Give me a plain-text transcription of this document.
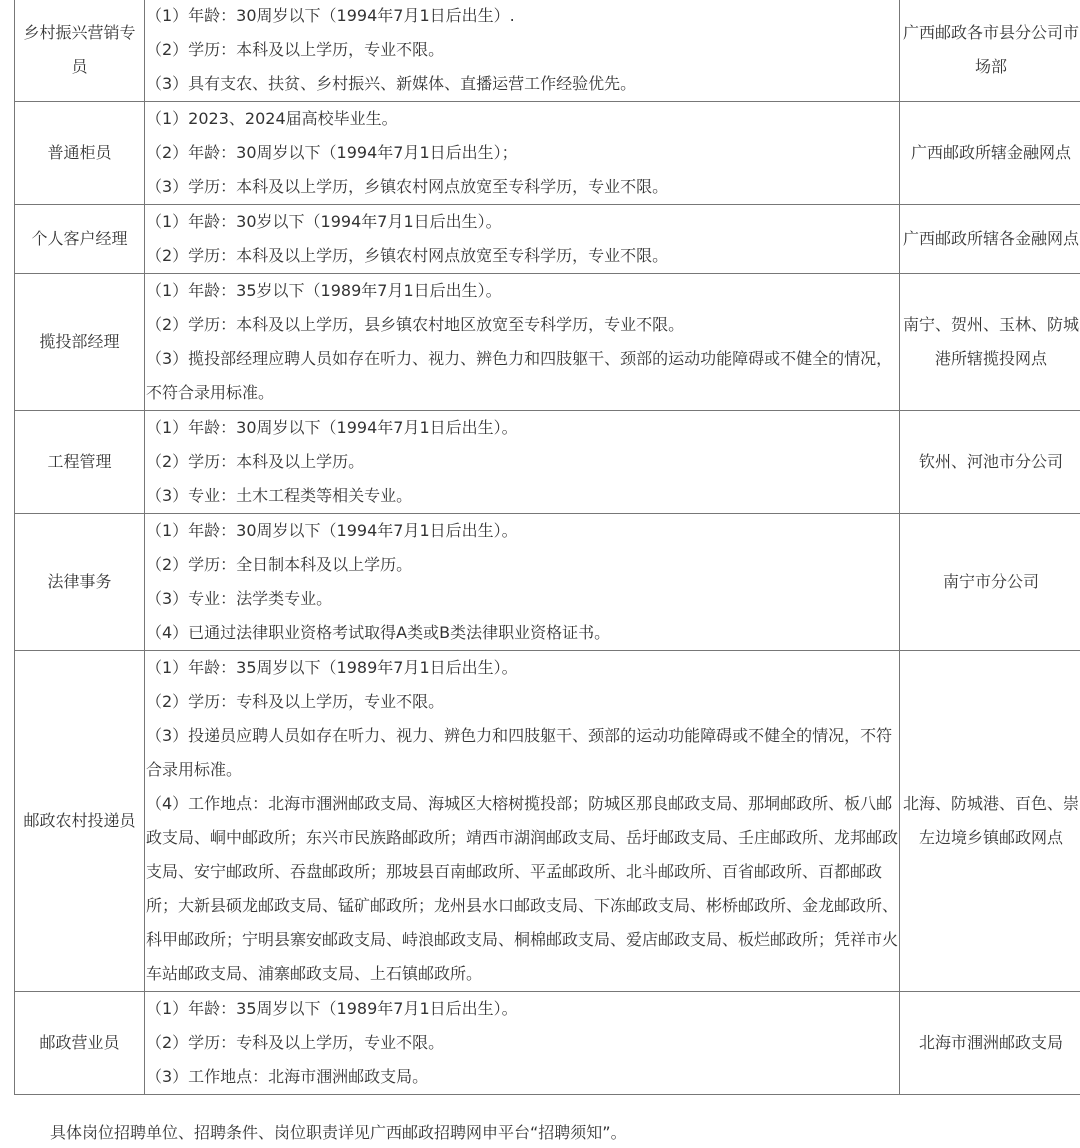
乡村振兴营销专员	（1）年龄：30周岁以下（1994年7月1日后出生）.
（2）学历：本科及以上学历，专业不限。
（3）具有支农、扶贫、乡村振兴、新媒体、直播运营工作经验优先。	广西邮政各市县分公司市场部
普通柜员	（1）2023、2024届高校毕业生。
（2）年龄：30周岁以下（1994年7月1日后出生）；
（3）学历：本科及以上学历，乡镇农村网点放宽至专科学历，专业不限。	广西邮政所辖金融网点
个人客户经理	（1）年龄：30岁以下（1994年7月1日后出生）。
（2）学历：本科及以上学历，乡镇农村网点放宽至专科学历，专业不限。	广西邮政所辖各金融网点
揽投部经理	（1）年龄：35岁以下（1989年7月1日后出生）。
（2）学历：本科及以上学历，县乡镇农村地区放宽至专科学历，专业不限。
（3）揽投部经理应聘人员如存在听力、视力、辨色力和四肢躯干、颈部的运动功能障碍或不健全的情况，不符合录用标准。	南宁、贺州、玉林、防城港所辖揽投网点
工程管理	（1）年龄：30周岁以下（1994年7月1日后出生）。
（2）学历：本科及以上学历。
（3）专业：土木工程类等相关专业。	钦州、河池市分公司
法律事务	（1）年龄：30周岁以下（1994年7月1日后出生）。
（2）学历：全日制本科及以上学历。
（3）专业：法学类专业。
（4）已通过法律职业资格考试取得A类或B类法律职业资格证书。	南宁市分公司
邮政农村投递员	（1）年龄：35周岁以下（1989年7月1日后出生）。
（2）学历：专科及以上学历，专业不限。
（3）投递员应聘人员如存在听力、视力、辨色力和四肢躯干、颈部的运动功能障碍或不健全的情况，不符合录用标准。
（4）工作地点：北海市涠洲邮政支局、海城区大榕树揽投部；防城区那良邮政支局、那垌邮政所、板八邮政支局、峒中邮政所；东兴市民族路邮政所；靖西市湖润邮政支局、岳圩邮政支局、壬庄邮政所、龙邦邮政支局、安宁邮政所、吞盘邮政所；那坡县百南邮政所、平孟邮政所、北斗邮政所、百省邮政所、百都邮政所；大新县硕龙邮政支局、锰矿邮政所；龙州县水口邮政支局、下冻邮政支局、彬桥邮政所、金龙邮政所、科甲邮政所；宁明县寨安邮政支局、峙浪邮政支局、桐棉邮政支局、爱店邮政支局、板烂邮政所；凭祥市火车站邮政支局、浦寨邮政支局、上石镇邮政所。	北海、防城港、百色、崇左边境乡镇邮政网点
邮政营业员	（1）年龄：35周岁以下（1989年7月1日后出生）。
（2）学历：专科及以上学历，专业不限。
（3）工作地点：北海市涠洲邮政支局。	北海市涠洲邮政支局
具体岗位招聘单位、招聘条件、岗位职责详见广西邮政招聘网申平台“招聘须知”。
